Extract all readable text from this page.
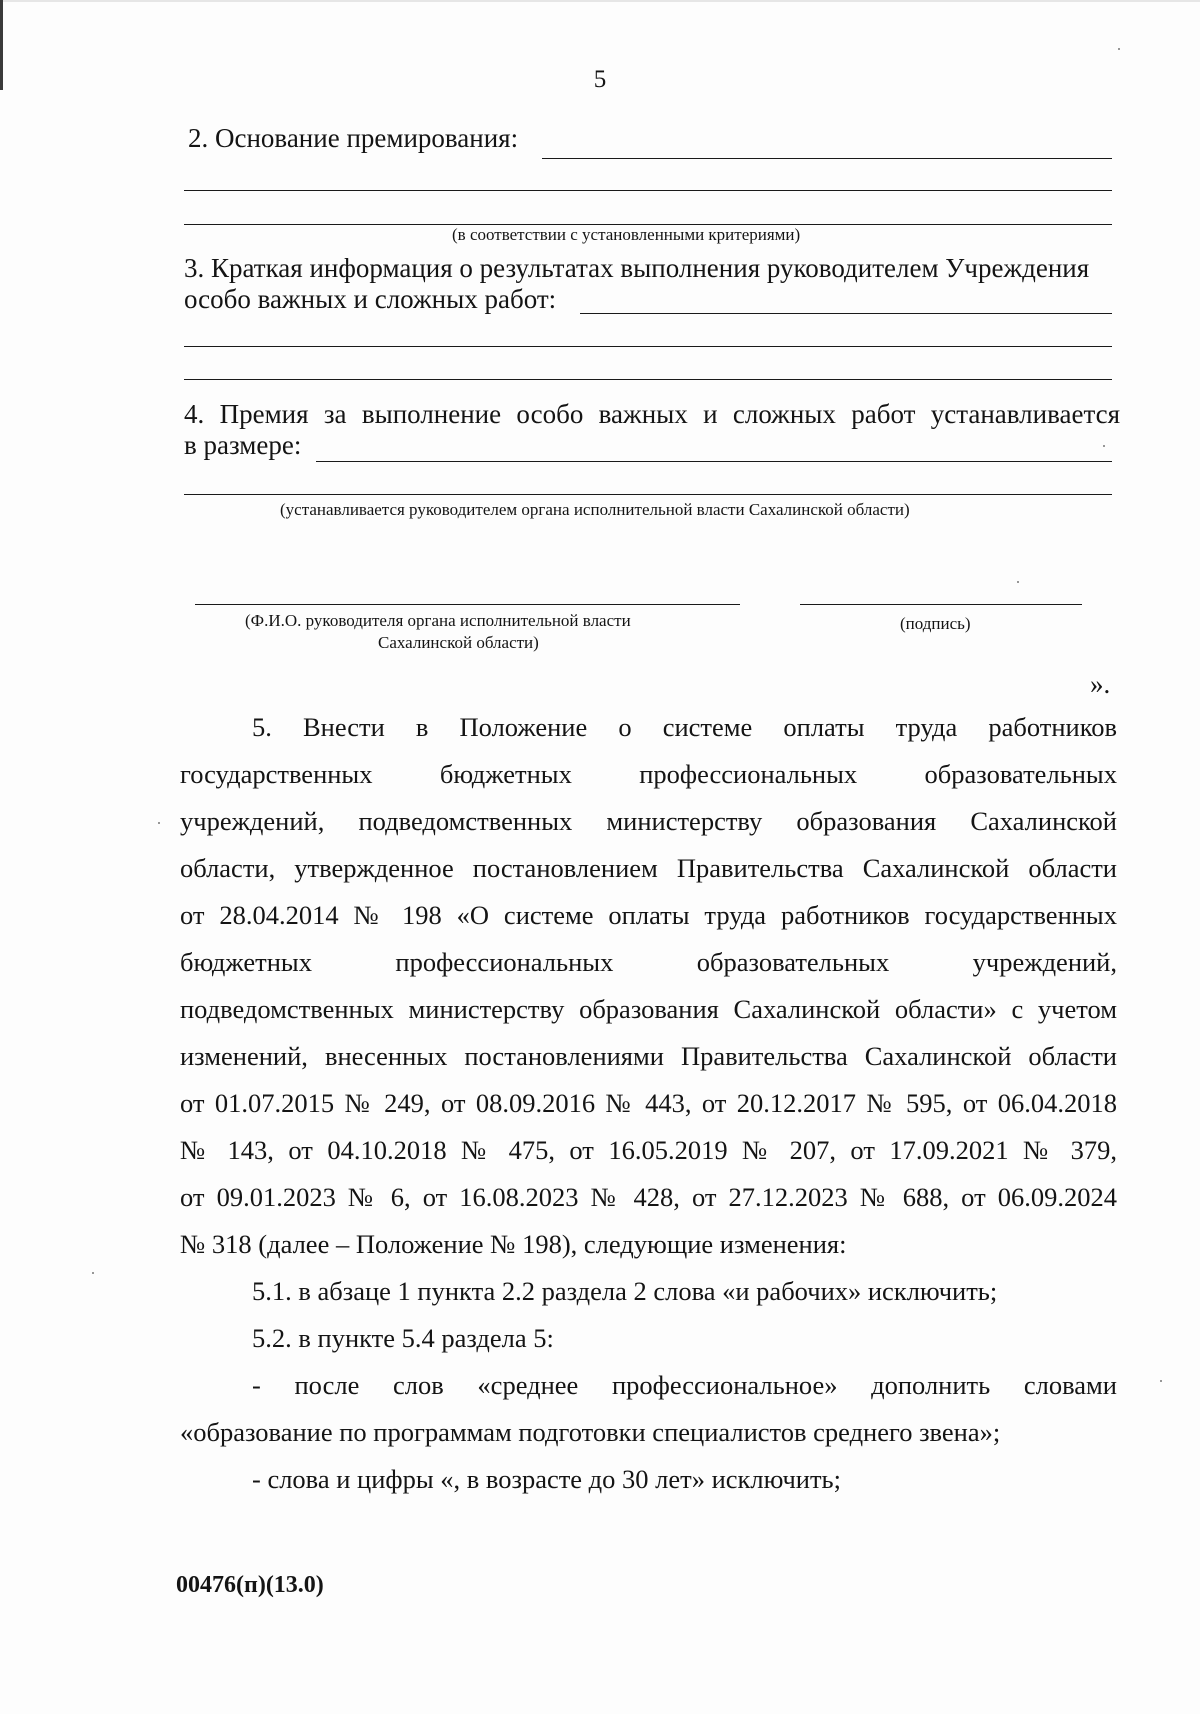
5
2. Основание премирования:
(в соответствии с установленными критериями)
3. Краткая информация о результатах выполнения руководителем Учреждения
особо важных и сложных работ:
4. Премия за выполнение особо важных и сложных работ устанавливается
в размере:
(устанавливается руководителем органа исполнительной власти Сахалинской области)
(Ф.И.О. руководителя органа исполнительной власти
Сахалинской области)
(подпись)
».
5. Внести в Положение о системе оплаты труда работников
государственных бюджетных профессиональных образовательных
учреждений, подведомственных министерству образования Сахалинской
области, утвержденное постановлением Правительства Сахалинской области
от 28.04.2014 № 198 «О системе оплаты труда работников государственных
бюджетных профессиональных образовательных учреждений,
подведомственных министерству образования Сахалинской области» с учетом
изменений, внесенных постановлениями Правительства Сахалинской области
от 01.07.2015 № 249, от 08.09.2016 № 443, от 20.12.2017 № 595, от 06.04.2018
№ 143, от 04.10.2018 № 475, от 16.05.2019 № 207, от 17.09.2021 № 379,
от 09.01.2023 № 6, от 16.08.2023 № 428, от 27.12.2023 № 688, от 06.09.2024
№ 318 (далее – Положение № 198), следующие изменения:
5.1. в абзаце 1 пункта 2.2 раздела 2 слова «и рабочих» исключить;
5.2. в пункте 5.4 раздела 5:
- после слов «среднее профессиональное» дополнить словами
«образование по программам подготовки специалистов среднего звена»;
- слова и цифры «, в возрасте до 30 лет» исключить;
00476(п)(13.0)
